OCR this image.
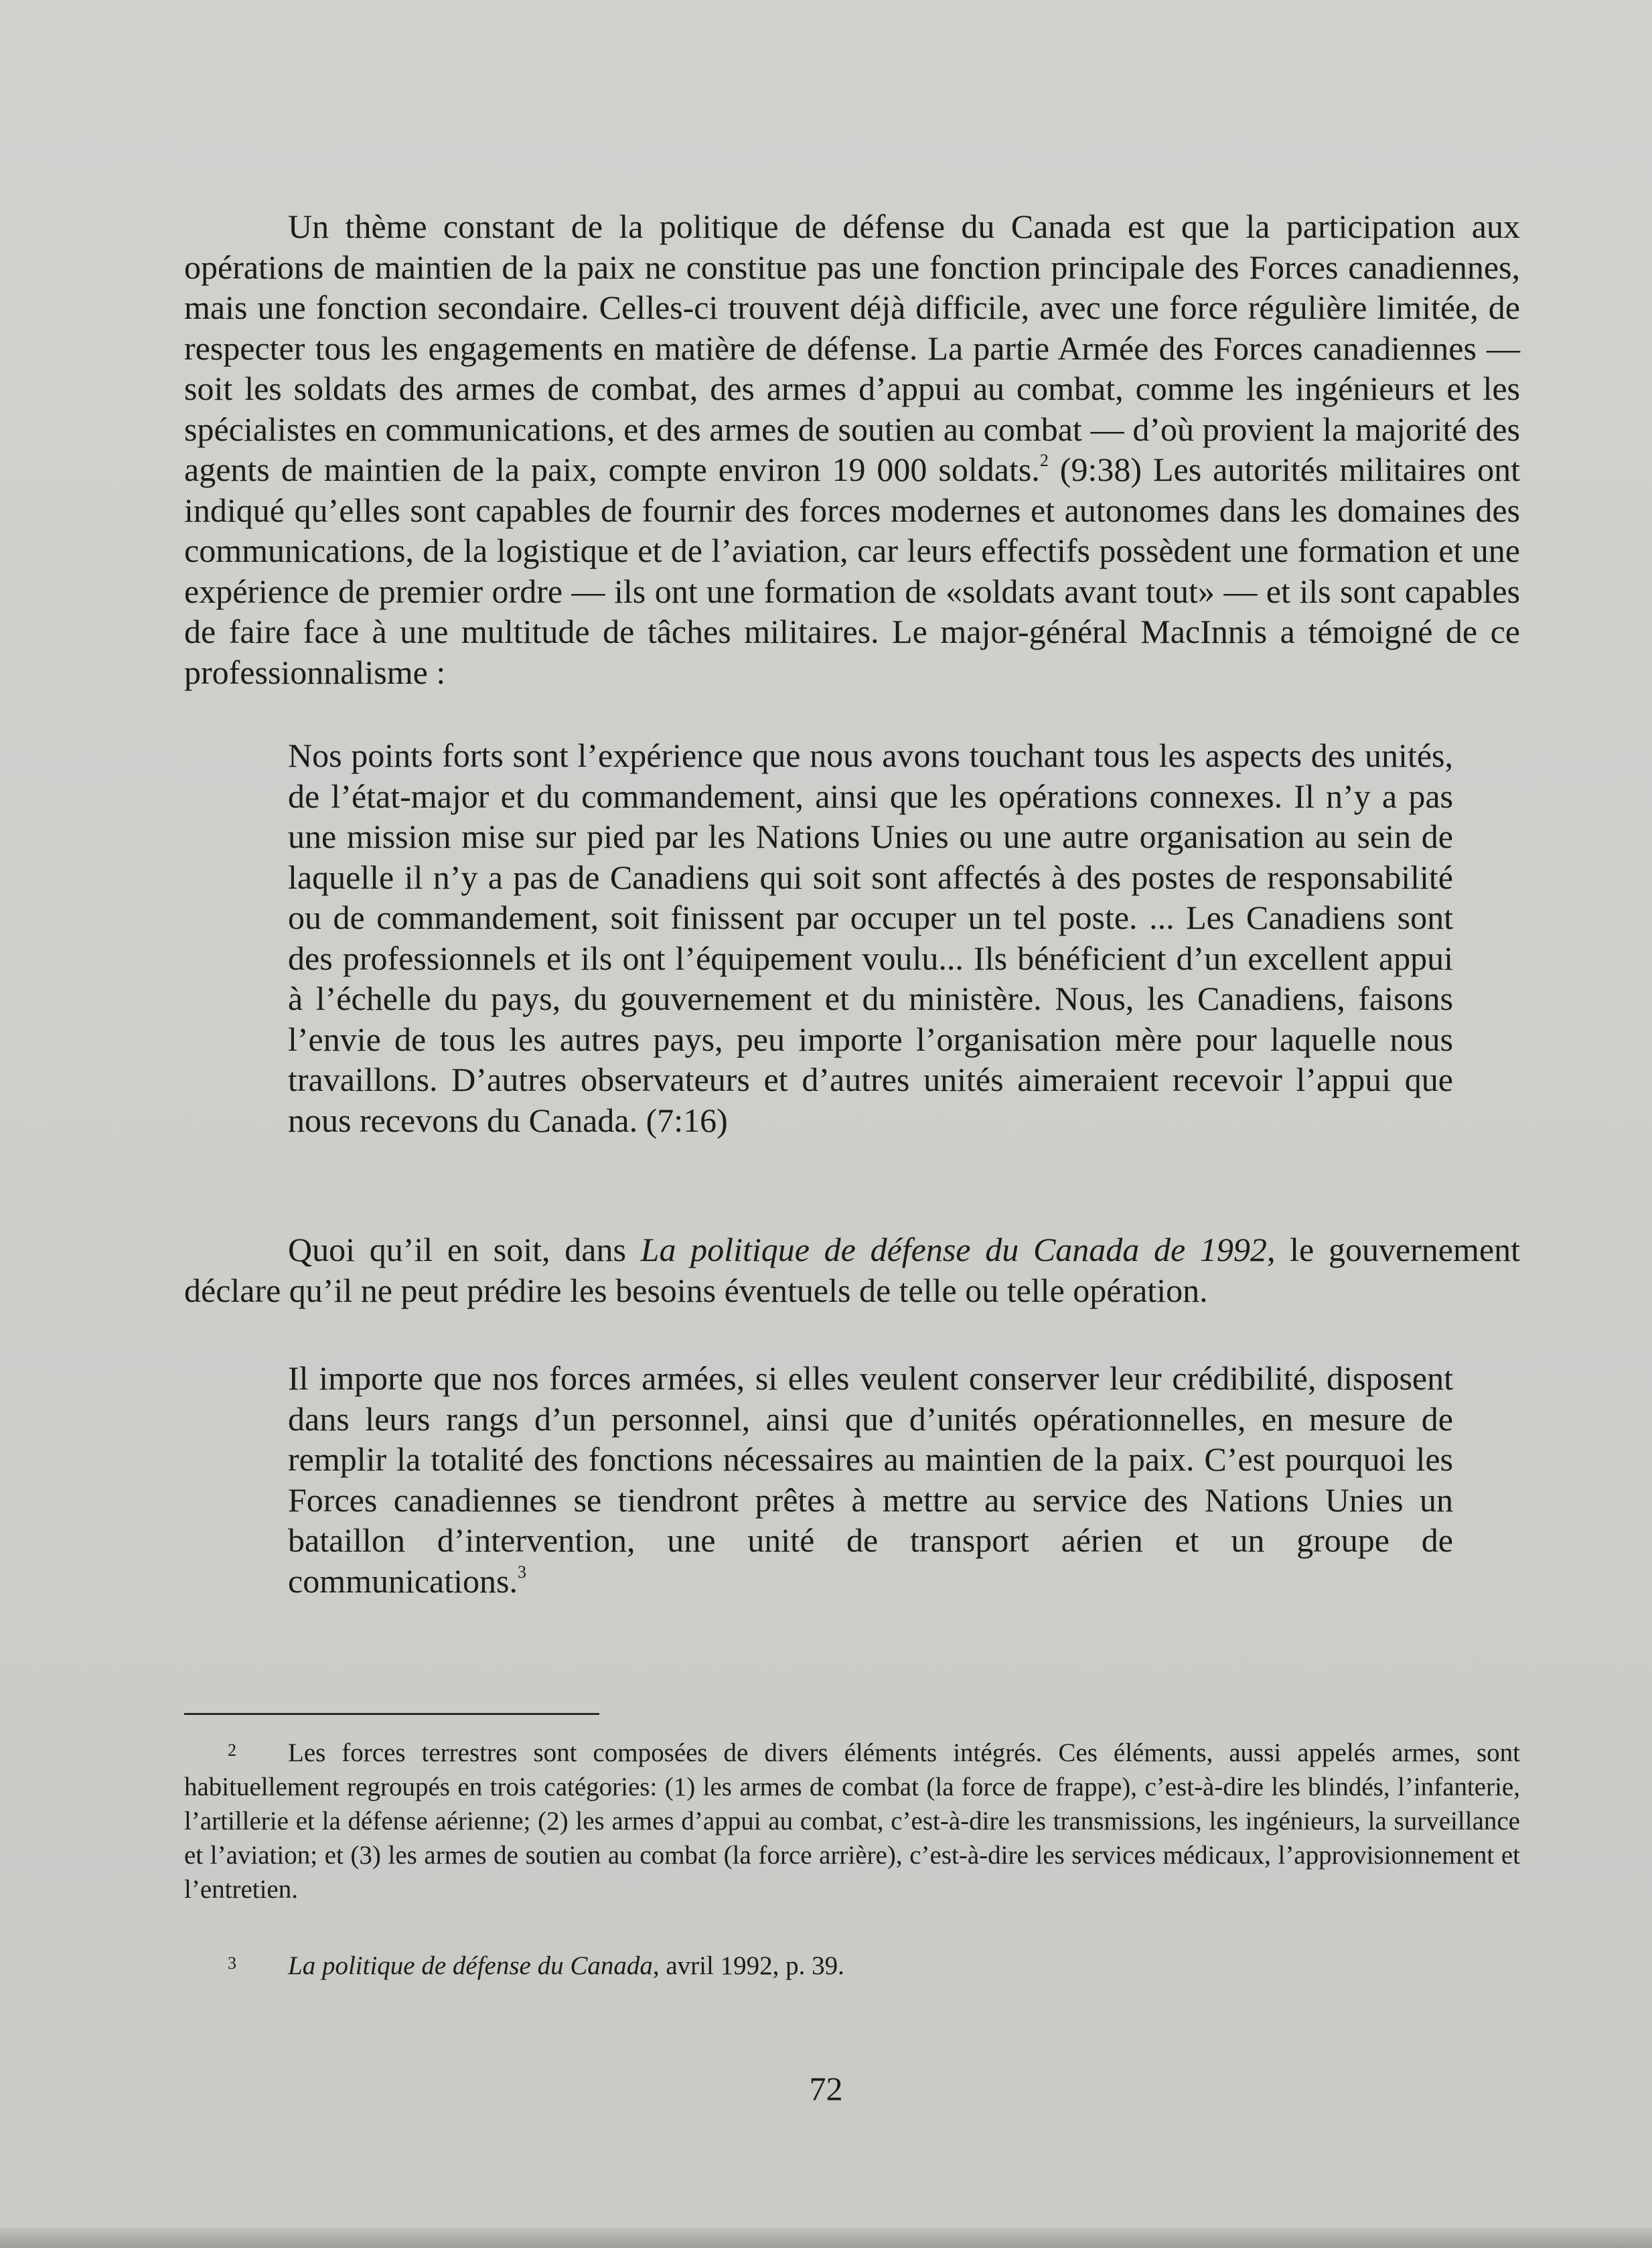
Un thème constant de la politique de défense du Canada est que la participation aux opérations de maintien de la paix ne constitue pas une fonction principale des Forces canadiennes, mais une fonction secondaire. Celles-ci trouvent déjà difficile, avec une force régulière limitée, de respecter tous les engagements en matière de défense. La partie Armée des Forces canadiennes — soit les soldats des armes de combat, des armes d’appui au combat, comme les ingénieurs et les spécialistes en communications, et des armes de soutien au combat — d’où provient la majorité des agents de maintien de la paix, compte environ 19 000 soldats.$^2$ (9:38) Les autorités militaires ont indiqué qu’elles sont capables de fournir des forces modernes et autonomes dans les domaines des communications, de la logistique et de l’aviation, car leurs effectifs possèdent une formation et une expérience de premier ordre — ils ont une formation de «soldats avant tout» — et ils sont capables de faire face à une multitude de tâches militaires. Le major-général MacInnis a témoigné de ce professionnalisme :

Nos points forts sont l’expérience que nous avons touchant tous les aspects des unités, de l’état-major et du commandement, ainsi que les opérations connexes. Il n’y a pas une mission mise sur pied par les Nations Unies ou une autre organisation au sein de laquelle il n’y a pas de Canadiens qui soit sont affectés à des postes de responsabilité ou de commandement, soit finissent par occuper un tel poste. ... Les Canadiens sont des professionnels et ils ont l’équipement voulu... Ils bénéficient d’un excellent appui à l’échelle du pays, du gouvernement et du ministère. Nous, les Canadiens, faisons l’envie de tous les autres pays, peu importe l’organisation mère pour laquelle nous travaillons. D’autres observateurs et d’autres unités aimeraient recevoir l’appui que nous recevons du Canada. (7:16)

Quoi qu’il en soit, dans La politique de défense du Canada de 1992, le gouvernement déclare qu’il ne peut prédire les besoins éventuels de telle ou telle opération.

Il importe que nos forces armées, si elles veulent conserver leur crédibilité, disposent dans leurs rangs d’un personnel, ainsi que d’unités opérationnelles, en mesure de remplir la totalité des fonctions nécessaires au maintien de la paix. C’est pourquoi les Forces canadiennes se tiendront prêtes à mettre au service des Nations Unies un bataillon d’intervention, une unité de transport aérien et un groupe de communications.$^3$

2	Les forces terrestres sont composées de divers éléments intégrés. Ces éléments, aussi appelés armes, sont habituellement regroupés en trois catégories: (1) les armes de combat (la force de frappe), c’est-à-dire les blindés, l’infanterie, l’artillerie et la défense aérienne; (2) les armes d’appui au combat, c’est-à-dire les transmissions, les ingénieurs, la surveillance et l’aviation; et (3) les armes de soutien au combat (la force arrière), c’est-à-dire les services médicaux, l’approvisionnement et l’entretien.
3	La politique de défense du Canada, avril 1992, p. 39.
72
